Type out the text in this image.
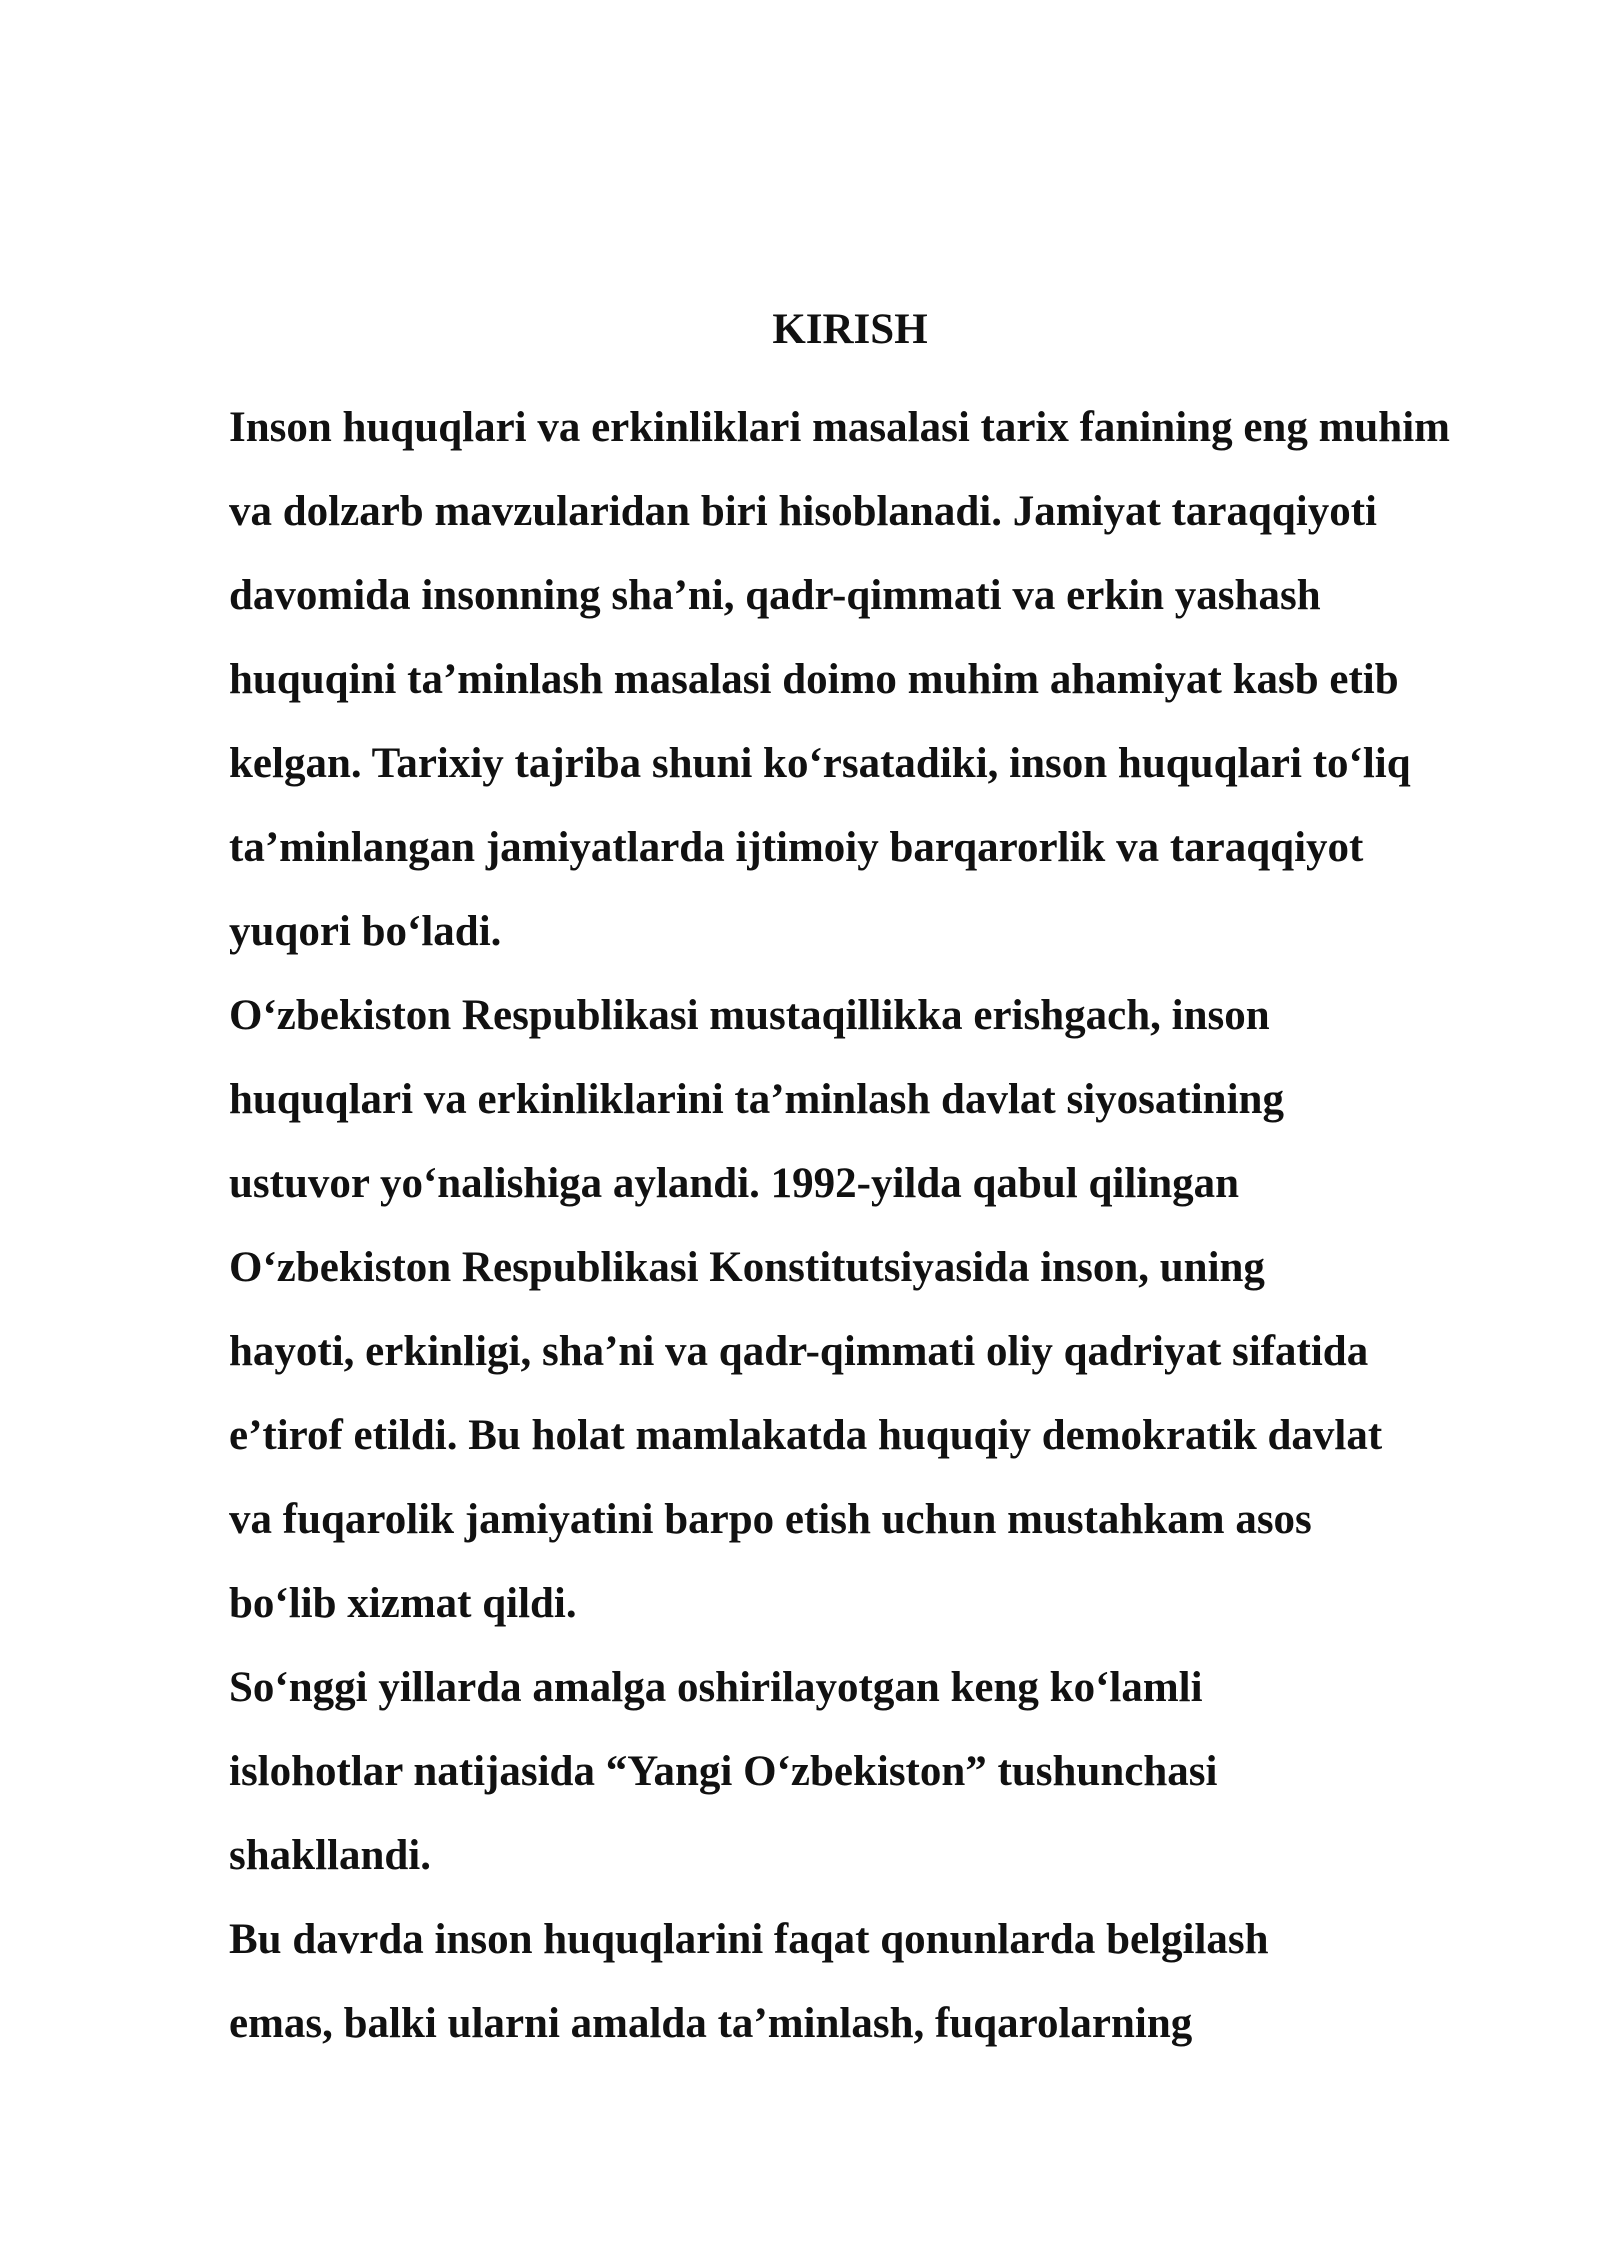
KIRISH
Inson huquqlari va erkinliklari masalasi tarix fanining eng muhim
va dolzarb mavzularidan biri hisoblanadi. Jamiyat taraqqiyoti
davomida insonning sha’ni, qadr-qimmati va erkin yashash
huquqini ta’minlash masalasi doimo muhim ahamiyat kasb etib
kelgan. Tarixiy tajriba shuni ko‘rsatadiki, inson huquqlari to‘liq
ta’minlangan jamiyatlarda ijtimoiy barqarorlik va taraqqiyot
yuqori bo‘ladi.
O‘zbekiston Respublikasi mustaqillikka erishgach, inson
huquqlari va erkinliklarini ta’minlash davlat siyosatining
ustuvor yo‘nalishiga aylandi. 1992-yilda qabul qilingan
O‘zbekiston Respublikasi Konstitutsiyasida inson, uning
hayoti, erkinligi, sha’ni va qadr-qimmati oliy qadriyat sifatida
e’tirof etildi. Bu holat mamlakatda huquqiy demokratik davlat
va fuqarolik jamiyatini barpo etish uchun mustahkam asos
bo‘lib xizmat qildi.
So‘nggi yillarda amalga oshirilayotgan keng ko‘lamli
islohotlar natijasida “Yangi O‘zbekiston” tushunchasi
shakllandi.
Bu davrda inson huquqlarini faqat qonunlarda belgilash
emas, balki ularni amalda ta’minlash, fuqarolarning
